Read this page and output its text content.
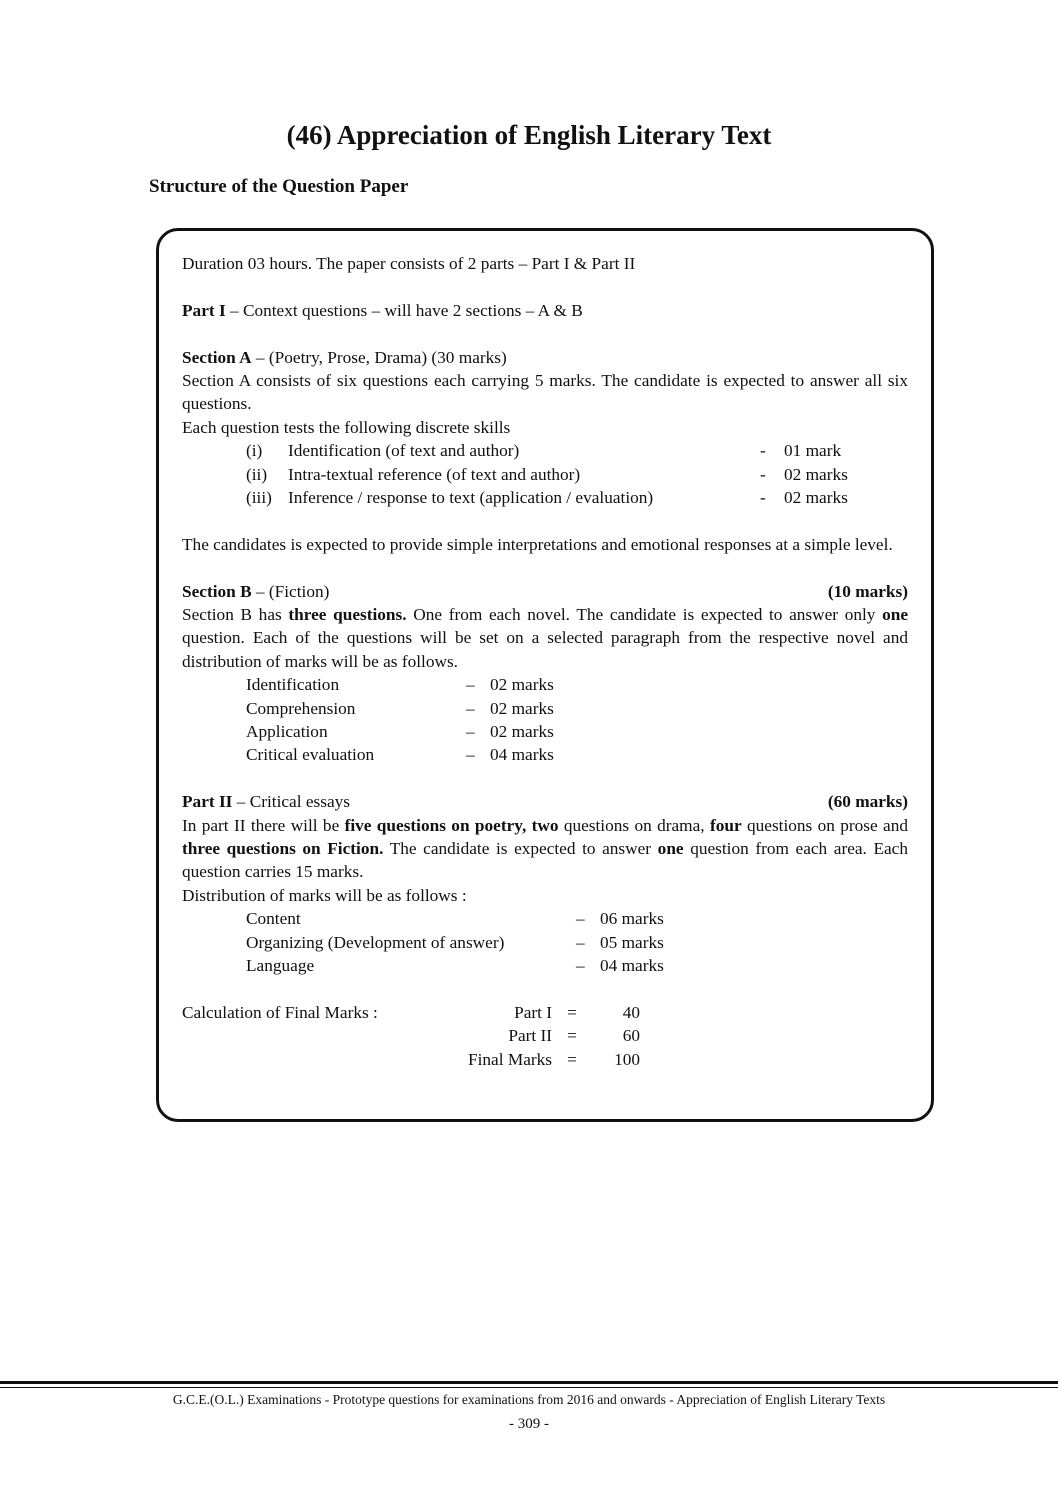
(46) Appreciation of English Literary Text
Structure of the Question Paper

Duration 03 hours. The paper consists of 2 parts – Part I & Part II

Part I – Context questions – will have 2 sections – A & B

Section A – (Poetry, Prose, Drama) (30 marks)

Section A consists of six questions each carrying 5 marks. The candidate is expected to answer all six questions.

Each question tests the following discrete skills

(i)	Identification (of text and author)	-	01 mark
(ii)	Intra-textual reference (of text and author)	-	02 marks
(iii) Inference / response to text (application / evaluation)	-	02 marks

The candidates is expected to provide simple interpretations and emotional responses at a simple level.

Section B – (Fiction)	(10 marks)

Section B has three questions. One from each novel. The candidate is expected to answer only one question. Each of the questions will be set on a selected paragraph from the respective novel and distribution of marks will be as follows.

Identification	– 02 marks
Comprehension	– 02 marks
Application	– 02 marks
Critical evaluation	– 04 marks
Part II – Critical essays	(60 marks)

In part II there will be five questions on poetry, two questions on drama, four questions on prose and three questions on Fiction. The candidate is expected to answer one question from each area. Each question carries 15 marks.

Distribution of marks will be as follows :

Content	– 06 marks
Organizing (Development of answer)	– 05 marks
Language	– 04 marks
Calculation of Final Marks :	Part I =	40
Part II =	60
Final Marks =	100

G.C.E.(O.L.) Examinations - Prototype questions for examinations from 2016 and onwards - Appreciation of English Literary Texts

- 309 -
